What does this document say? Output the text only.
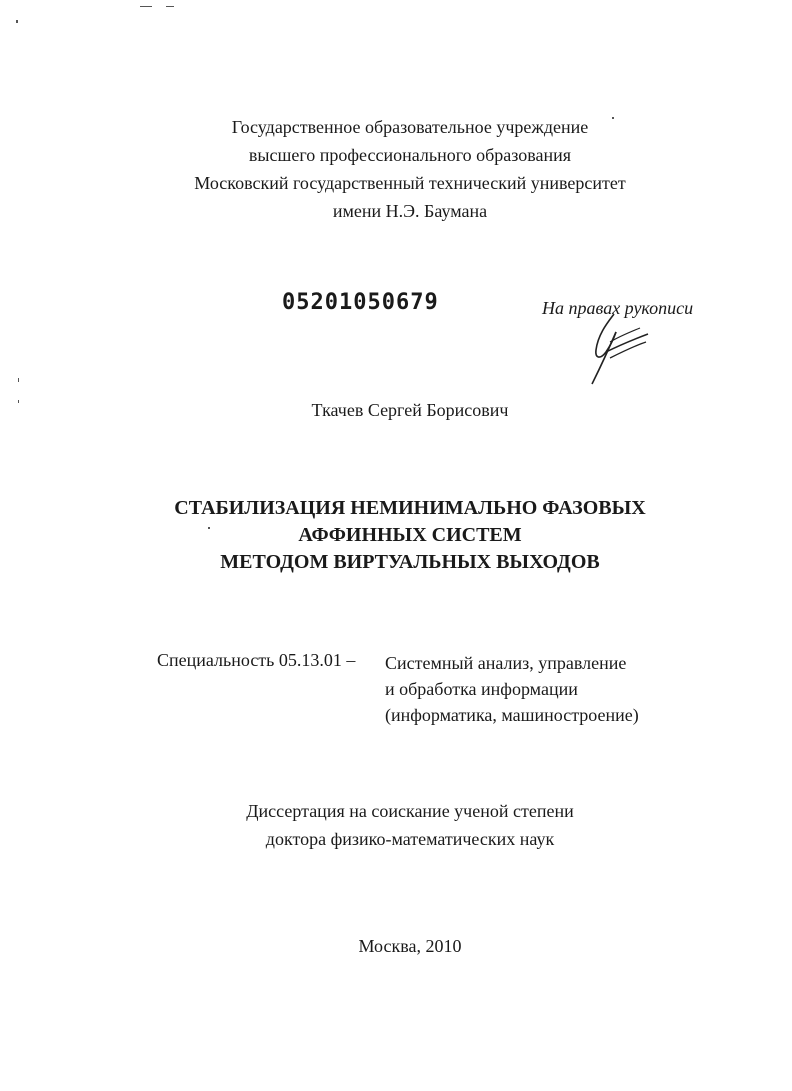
Государственное образовательное учреждение
высшего профессионального образования
Московский государственный технический университет
имени Н.Э. Баумана
05201050679	На правах рукописи
Ткачев Сергей Борисович
СТАБИЛИЗАЦИЯ НЕМИНИМАЛЬНО ФАЗОВЫХ
АФФИННЫХ СИСТЕМ
МЕТОДОМ ВИРТУАЛЬНЫХ ВЫХОДОВ
Специальность 05.13.01 – Системный анализ, управление
и обработка информации
(информатика, машиностроение)
Диссертация на соискание ученой степени
доктора физико-математических наук
Москва, 2010
